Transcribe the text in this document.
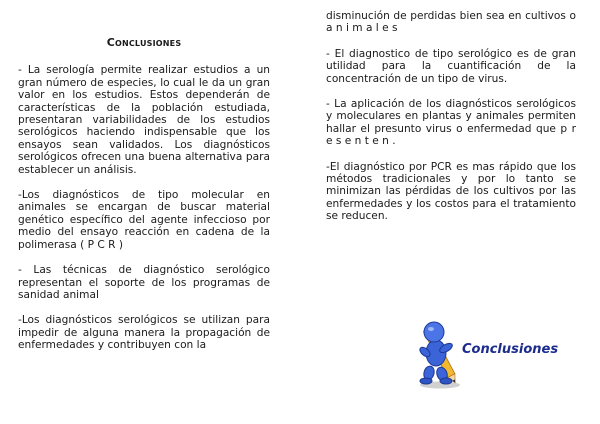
Conclusiones

- La serología permite realizar estudios a un gran número de especies, lo cual le da un gran valor en los estudios. Estos dependerán de características de la población estudiada, presentaran variabilidades de los estudios serológicos haciendo indispensable que los ensayos sean validados. Los diagnósticos serológicos ofrecen una buena alternativa para establecer un análisis.

-Los diagnósticos de tipo molecular en animales se encargan de buscar material genético específico del agente infeccioso por medio del ensayo reacción en cadena de la polimerasa ( P C R )

- Las técnicas de diagnóstico serológico representan el soporte de los programas de sanidad animal

-Los diagnósticos serológicos se utilizan para impedir de alguna manera la propagación de enfermedades y contribuyen con la

disminución de perdidas bien sea en cultivos o a n i m a l e s

- El diagnostico de tipo serológico es de gran utilidad para la cuantificación de la concentración de un tipo de virus.

- La aplicación de los diagnósticos serológicos y moleculares en plantas y animales permiten hallar el presunto virus o enfermedad que p r e s e n t e n .

-El diagnóstico por PCR es mas rápido que los métodos tradicionales y por lo tanto se minimizan las pérdidas de los cultivos por las enfermedades y los costos para el tratamiento se reducen.

Conclusiones
